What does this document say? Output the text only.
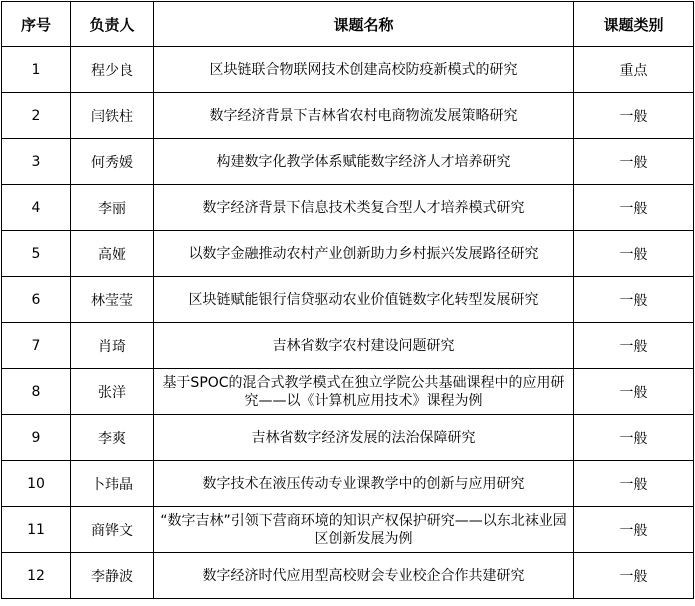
序号	负责人	课题名称	课题类别
1	程少良	区块链联合物联网技术创建高校防疫新模式的研究	重点
2	闫铁柱	数字经济背景下吉林省农村电商物流发展策略研究	一般
3	何秀媛	构建数字化教学体系赋能数字经济人才培养研究	一般
4	李丽	数字经济背景下信息技术类复合型人才培养模式研究	一般
5	高娅	以数字金融推动农村产业创新助力乡村振兴发展路径研究	一般
6	林莹莹	区块链赋能银行信贷驱动农业价值链数字化转型发展研究	一般
7	肖琦	吉林省数字农村建设问题研究	一般
8	张洋	基于SPOC的混合式教学模式在独立学院公共基础课程中的应用研究——以《计算机应用技术》课程为例	一般
9	李爽	吉林省数字经济发展的法治保障研究	一般
10	卜玮晶	数字技术在液压传动专业课教学中的创新与应用研究	一般
11	商铧文	“数字吉林”引领下营商环境的知识产权保护研究——以东北袜业园区创新发展为例	一般
12	李静波	数字经济时代应用型高校财会专业校企合作共建研究	一般
